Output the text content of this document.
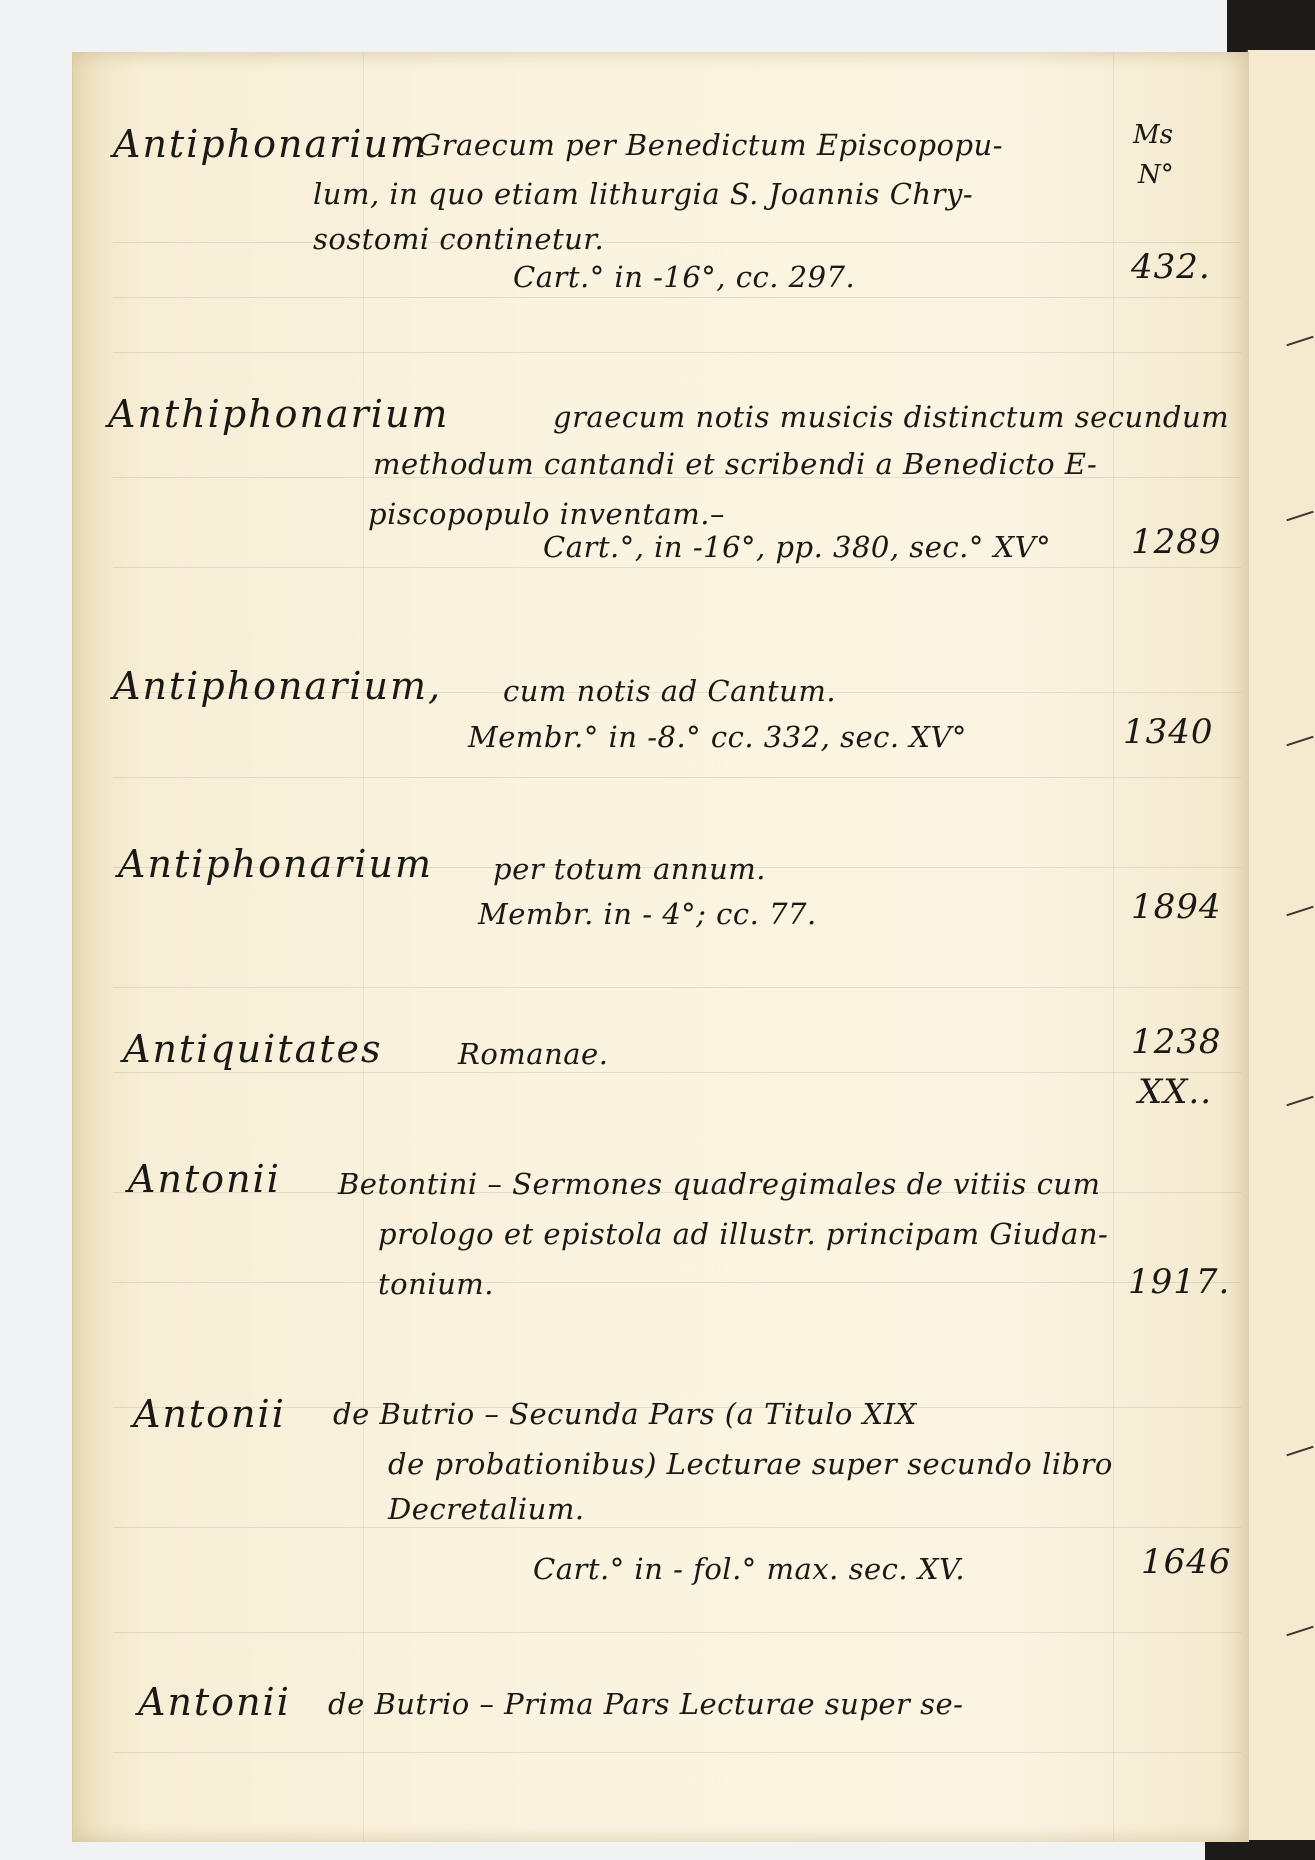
Ms
N°
Antiphonarium
Graecum per Benedictum Episcopopu-
lum, in quo etiam lithurgia S. Joannis Chry-
sostomi continetur.
Cart.° in -16°, cc. 297.	432.
Anthiphonarium	graecum notis musicis distinctum secundum
methodum cantandi et scribendi a Benedicto E-
piscopopulo inventam.–
Cart.°, in -16°, pp. 380, sec.° XV° 1289
Antiphonarium, cum notis ad Cantum.
Membr.° in -8.° cc. 332, sec. XV°	1340
Antiphonarium per totum annum.
Membr. in - 4°; cc. 77.	1894
Antiquitates	Romanae.	1238
XX..
Antonii Betontini – Sermones quadregimales de vitiis cum
prologo et epistola ad illustr. principam Giudan-
tonium.	1917.
Antonii de Butrio – Secunda Pars (a Titulo XIX
de probationibus) Lecturae super secundo libro
Decretalium.
Cart.° in - fol.° max. sec. XV.	1646
Antonii de Butrio – Prima Pars Lecturae super se-
